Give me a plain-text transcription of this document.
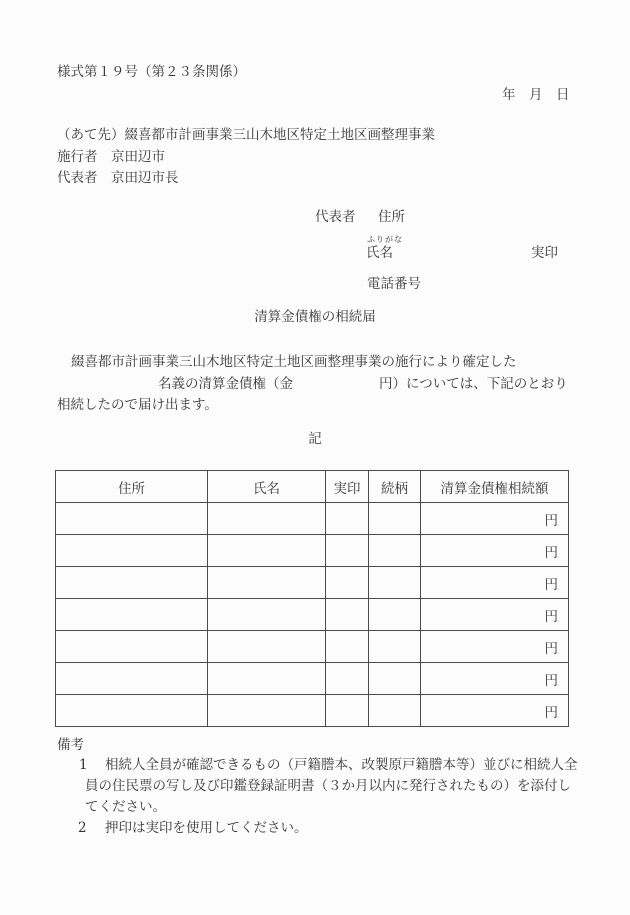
様式第１９号（第２３条関係）
年　月　日
（あて先）綴喜都市計画事業三山木地区特定土地区画整理事業
施行者　京田辺市
代表者　京田辺市長
代表者 住所
ふりがな
氏名	実印
電話番号
清算金債権の相続届
綴喜都市計画事業三山木地区特定土地区画整理事業の施行により確定した
名義の清算金債権（金	円）については、下記のとおり
相続したので届け出ます。
記
住所	氏名	実印	続柄	清算金債権相続額
				円
				円
				円
				円
				円
				円
				円
備考
1 相続人全員が確認できるもの（戸籍謄本、改製原戸籍謄本等）並びに相続人全
員の住民票の写し及び印鑑登録証明書（３か月以内に発行されたもの）を添付し
てください。
2 押印は実印を使用してください。
